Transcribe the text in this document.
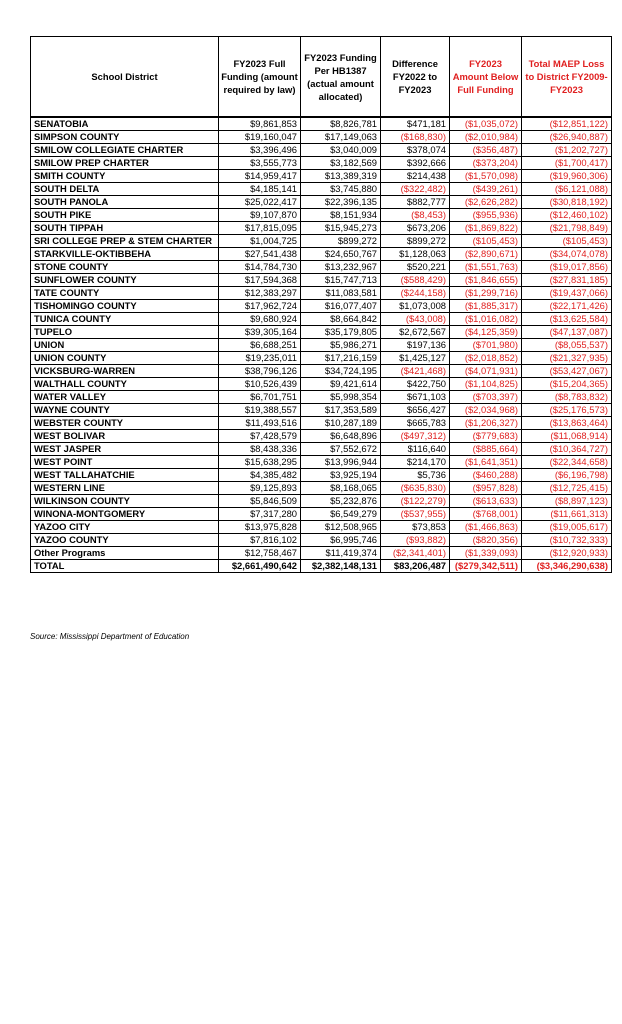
School District	FY2023 Full Funding (amount required by law)	FY2023 Funding Per HB1387 (actual amount allocated)	Difference FY2022 to FY2023	FY2023 Amount Below Full Funding	Total MAEP Loss to District FY2009-FY2023
SENATOBIA	$9,861,853	$8,826,781	$471,181	($1,035,072)	($12,851,122)
SIMPSON COUNTY	$19,160,047	$17,149,063	($168,830)	($2,010,984)	($26,940,887)
SMILOW COLLEGIATE CHARTER	$3,396,496	$3,040,009	$378,074	($356,487)	($1,202,727)
SMILOW PREP CHARTER	$3,555,773	$3,182,569	$392,666	($373,204)	($1,700,417)
SMITH COUNTY	$14,959,417	$13,389,319	$214,438	($1,570,098)	($19,960,306)
SOUTH DELTA	$4,185,141	$3,745,880	($322,482)	($439,261)	($6,121,088)
SOUTH PANOLA	$25,022,417	$22,396,135	$882,777	($2,626,282)	($30,818,192)
SOUTH PIKE	$9,107,870	$8,151,934	($8,453)	($955,936)	($12,460,102)
SOUTH TIPPAH	$17,815,095	$15,945,273	$673,206	($1,869,822)	($21,798,849)
SRI COLLEGE PREP & STEM CHARTER	$1,004,725	$899,272	$899,272	($105,453)	($105,453)
STARKVILLE-OKTIBBEHA	$27,541,438	$24,650,767	$1,128,063	($2,890,671)	($34,074,078)
STONE COUNTY	$14,784,730	$13,232,967	$520,221	($1,551,763)	($19,017,856)
SUNFLOWER COUNTY	$17,594,368	$15,747,713	($588,429)	($1,846,655)	($27,831,185)
TATE COUNTY	$12,383,297	$11,083,581	($244,158)	($1,299,716)	($19,437,066)
TISHOMINGO COUNTY	$17,962,724	$16,077,407	$1,073,008	($1,885,317)	($22,171,426)
TUNICA COUNTY	$9,680,924	$8,664,842	($43,008)	($1,016,082)	($13,625,584)
TUPELO	$39,305,164	$35,179,805	$2,672,567	($4,125,359)	($47,137,087)
UNION	$6,688,251	$5,986,271	$197,136	($701,980)	($8,055,537)
UNION COUNTY	$19,235,011	$17,216,159	$1,425,127	($2,018,852)	($21,327,935)
VICKSBURG-WARREN	$38,796,126	$34,724,195	($421,468)	($4,071,931)	($53,427,067)
WALTHALL COUNTY	$10,526,439	$9,421,614	$422,750	($1,104,825)	($15,204,365)
WATER VALLEY	$6,701,751	$5,998,354	$671,103	($703,397)	($8,783,832)
WAYNE COUNTY	$19,388,557	$17,353,589	$656,427	($2,034,968)	($25,176,573)
WEBSTER COUNTY	$11,493,516	$10,287,189	$665,783	($1,206,327)	($13,863,464)
WEST BOLIVAR	$7,428,579	$6,648,896	($497,312)	($779,683)	($11,068,914)
WEST JASPER	$8,438,336	$7,552,672	$116,640	($885,664)	($10,364,727)
WEST POINT	$15,638,295	$13,996,944	$214,170	($1,641,351)	($22,344,658)
WEST TALLAHATCHIE	$4,385,482	$3,925,194	$5,736	($460,288)	($6,196,798)
WESTERN LINE	$9,125,893	$8,168,065	($635,830)	($957,828)	($12,725,415)
WILKINSON COUNTY	$5,846,509	$5,232,876	($122,279)	($613,633)	($8,897,123)
WINONA-MONTGOMERY	$7,317,280	$6,549,279	($537,955)	($768,001)	($11,661,313)
YAZOO CITY	$13,975,828	$12,508,965	$73,853	($1,466,863)	($19,005,617)
YAZOO COUNTY	$7,816,102	$6,995,746	($93,882)	($820,356)	($10,732,333)
Other Programs	$12,758,467	$11,419,374	($2,341,401)	($1,339,093)	($12,920,933)
TOTAL	$2,661,490,642	$2,382,148,131	$83,206,487	($279,342,511)	($3,346,290,638)
Source: Mississippi Department of Education
